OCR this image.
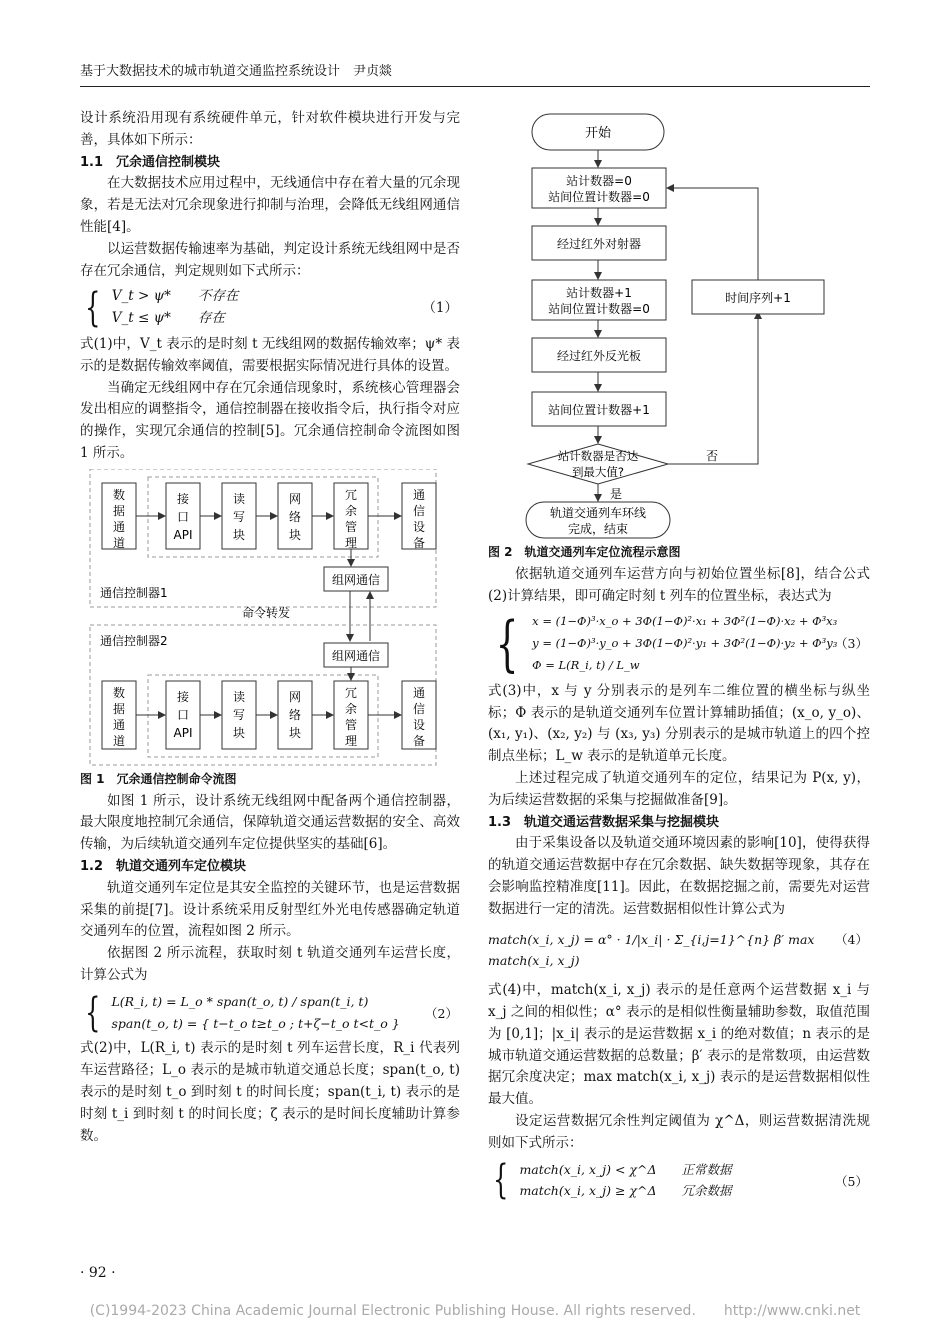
基于大数据技术的城市轨道交通监控系统设计　尹贞燚

设计系统沿用现有系统硬件单元，针对软件模块进行开发与完善，具体如下所示：

1.1　冗余通信控制模块

在大数据技术应用过程中，无线通信中存在着大量的冗余现象，若是无法对冗余现象进行抑制与治理，会降低无线组网通信性能[4]。

以运营数据传输速率为基础，判定设计系统无线组网中是否存在冗余通信，判定规则如下式所示：

{ V_t > ψ*　　不存在
V_t ≤ ψ*　　存在
（1）

式(1)中，V_t 表示的是时刻 t 无线组网的数据传输效率；ψ* 表示的是数据传输效率阈值，需要根据实际情况进行具体的设置。

当确定无线组网中存在冗余通信现象时，系统核心管理器会发出相应的调整指令，通信控制器在接收指令后，执行指令对应的操作，实现冗余通信的控制[5]。冗余通信控制命令流图如图 1 所示。

数据通道
接口 API
读写块
网络块
冗余管理
通信设备
组网通信
通信控制器1
命令转发
组网通信
通信控制器2
数据通道
接口 API
读写块
网络块
冗余管理
通信设备

图 1　冗余通信控制命令流图

如图 1 所示，设计系统无线组网中配备两个通信控制器，最大限度地控制冗余通信，保障轨道交通运营数据的安全、高效传输，为后续轨道交通列车定位提供坚实的基础[6]。

1.2　轨道交通列车定位模块

轨道交通列车定位是其安全监控的关键环节，也是运营数据采集的前提[7]。设计系统采用反射型红外光电传感器确定轨道交通列车的位置，流程如图 2 所示。

依据图 2 所示流程，获取时刻 t 轨道交通列车运营长度，计算公式为

{ L(R_i, t) = L_o * span(t_o, t) / span(t_i, t)
span(t_o, t) = { t−t_o t≥t_o ; t+ζ−t_o t<t_o }
（2）

式(2)中，L(R_i, t) 表示的是时刻 t 列车运营长度，R_i 代表列车运营路径；L_o 表示的是城市轨道交通总长度；span(t_o, t) 表示的是时刻 t_o 到时刻 t 的时间长度；span(t_i, t) 表示的是时刻 t_i 到时刻 t 的时间长度；ζ 表示的是时间长度辅助计算参数。

开始
站计数器=0 站间位置计数器=0
经过红外对射器
站计数器+1 站间位置计数器=0
经过红外反光板
站间位置计数器+1
站计数器是否达到最大值?
否
时间序列+1
是
轨道交通列车环线完成，结束

图 2　轨道交通列车定位流程示意图

依据轨道交通列车运营方向与初始位置坐标[8]，结合公式(2)计算结果，即可确定时刻 t 列车的位置坐标，表达式为

{ x = (1−Φ)³·x_o + 3Φ(1−Φ)²·x₁ + 3Φ²(1−Φ)·x₂ + Φ³x₃
y = (1−Φ)³·y_o + 3Φ(1−Φ)²·y₁ + 3Φ²(1−Φ)·y₂ + Φ³y₃
Φ = L(R_i, t) / L_w
（3）

式(3)中，x 与 y 分别表示的是列车二维位置的横坐标与纵坐标；Φ 表示的是轨道交通列车位置计算辅助插值；(x_o, y_o)、(x₁, y₁)、(x₂, y₂) 与 (x₃, y₃) 分别表示的是城市轨道上的四个控制点坐标；L_w 表示的是轨道单元长度。

上述过程完成了轨道交通列车的定位，结果记为 P(x, y)，为后续运营数据的采集与挖掘做准备[9]。

1.3　轨道交通运营数据采集与挖掘模块

由于采集设备以及轨道交通环境因素的影响[10]，使得获得的轨道交通运营数据中存在冗余数据、缺失数据等现象，其存在会影响监控精准度[11]。因此，在数据挖掘之前，需要先对运营数据进行一定的清洗。运营数据相似性计算公式为

match(x_i, x_j) = α° · 1/|x_i| · Σ_{i,j=1}^{n} β′ max match(x_i, x_j)
（4）

式(4)中，match(x_i, x_j) 表示的是任意两个运营数据 x_i 与 x_j 之间的相似性；α° 表示的是相似性衡量辅助参数，取值范围为 [0,1]；|x_i| 表示的是运营数据 x_i 的绝对数值；n 表示的是城市轨道交通运营数据的总数量；β′ 表示的是常数项，由运营数据冗余度决定；max match(x_i, x_j) 表示的是运营数据相似性最大值。

设定运营数据冗余性判定阈值为 χ^Δ，则运营数据清洗规则如下式所示：

{ match(x_i, x_j) < χ^Δ　　正常数据
match(x_i, x_j) ≥ χ^Δ　　冗余数据
（5）
· 92 ·
(C)1994-2023 China Academic Journal Electronic Publishing House. All rights reserved.　　http://www.cnki.net
